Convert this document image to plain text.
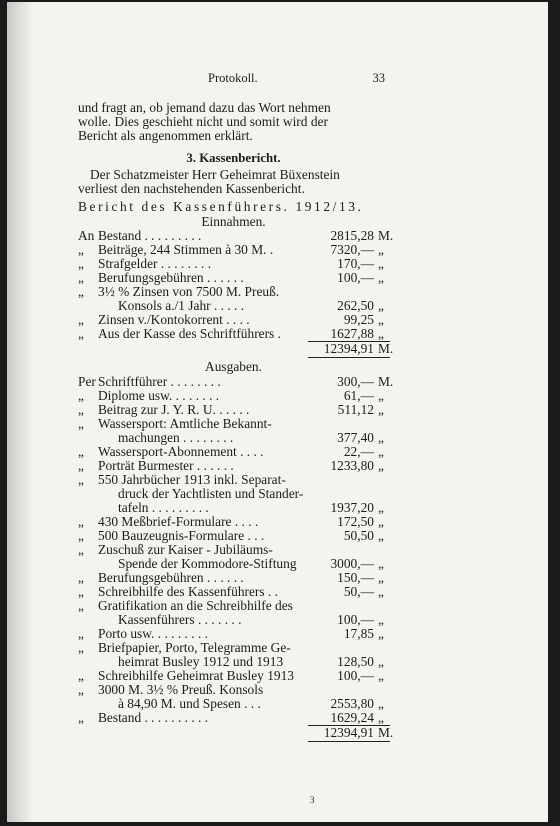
Protokoll.	33
und fragt an, ob jemand dazu das Wort nehmen
wolle. Dies geschieht nicht und somit wird der
Bericht als angenommen erklärt.
3. Kassenbericht.
Der Schatzmeister Herr Geheimrat Büxenstein
verliest den nachstehenden Kassenbericht.
Bericht des Kassenführers. 1912/13.
Einnahmen.
An Bestand . . . . . . . . .	2815,28 M.
„ Beiträge, 244 Stimmen à 30 M. .	7320,— „
„ Strafgelder . . . . . . . .	170,— „
„ Berufungsgebühren . . . . . .	100,— „
„ 3½ % Zinsen von 7500 M. Preuß.
Konsols a./1 Jahr . . . . .	262,50 „
„ Zinsen v./Kontokorrent . . . .	99,25 „
„ Aus der Kasse des Schriftführers .	1627,88 „
12394,91 M.
Ausgaben.
Per Schriftführer . . . . . . . .	300,— M.
„ Diplome usw. . . . . . . .	61,— „
„ Beitrag zur J. Y. R. U. . . . . .	511,12 „
„ Wassersport: Amtliche Bekannt-
machungen . . . . . . . .	377,40 „
„ Wassersport-Abonnement . . . .	22,— „
„ Porträt Burmester . . . . . .	1233,80 „
„ 550 Jahrbücher 1913 inkl. Separat-
druck der Yachtlisten und Stander-
tafeln . . . . . . . . .	1937,20 „
„ 430 Meßbrief-Formulare . . . .	172,50 „
„ 500 Bauzeugnis-Formulare . . .	50,50 „
„ Zuschuß zur Kaiser - Jubiläums-
Spende der Kommodore-Stiftung	3000,— „
„ Berufungsgebühren . . . . . .	150,— „
„ Schreibhilfe des Kassenführers . .	50,— „
„ Gratifikation an die Schreibhilfe des
Kassenführers . . . . . . .	100,— „
„ Porto usw. . . . . . . . .	17,85 „
„ Briefpapier, Porto, Telegramme Ge-
heimrat Busley 1912 und 1913	128,50 „
„ Schreibhilfe Geheimrat Busley 1913	100,— „
„ 3000 M. 3½ % Preuß. Konsols
à 84,90 M. und Spesen . . .	2553,80 „
„ Bestand . . . . . . . . . .	1629,24 „
12394,91 M.
3
